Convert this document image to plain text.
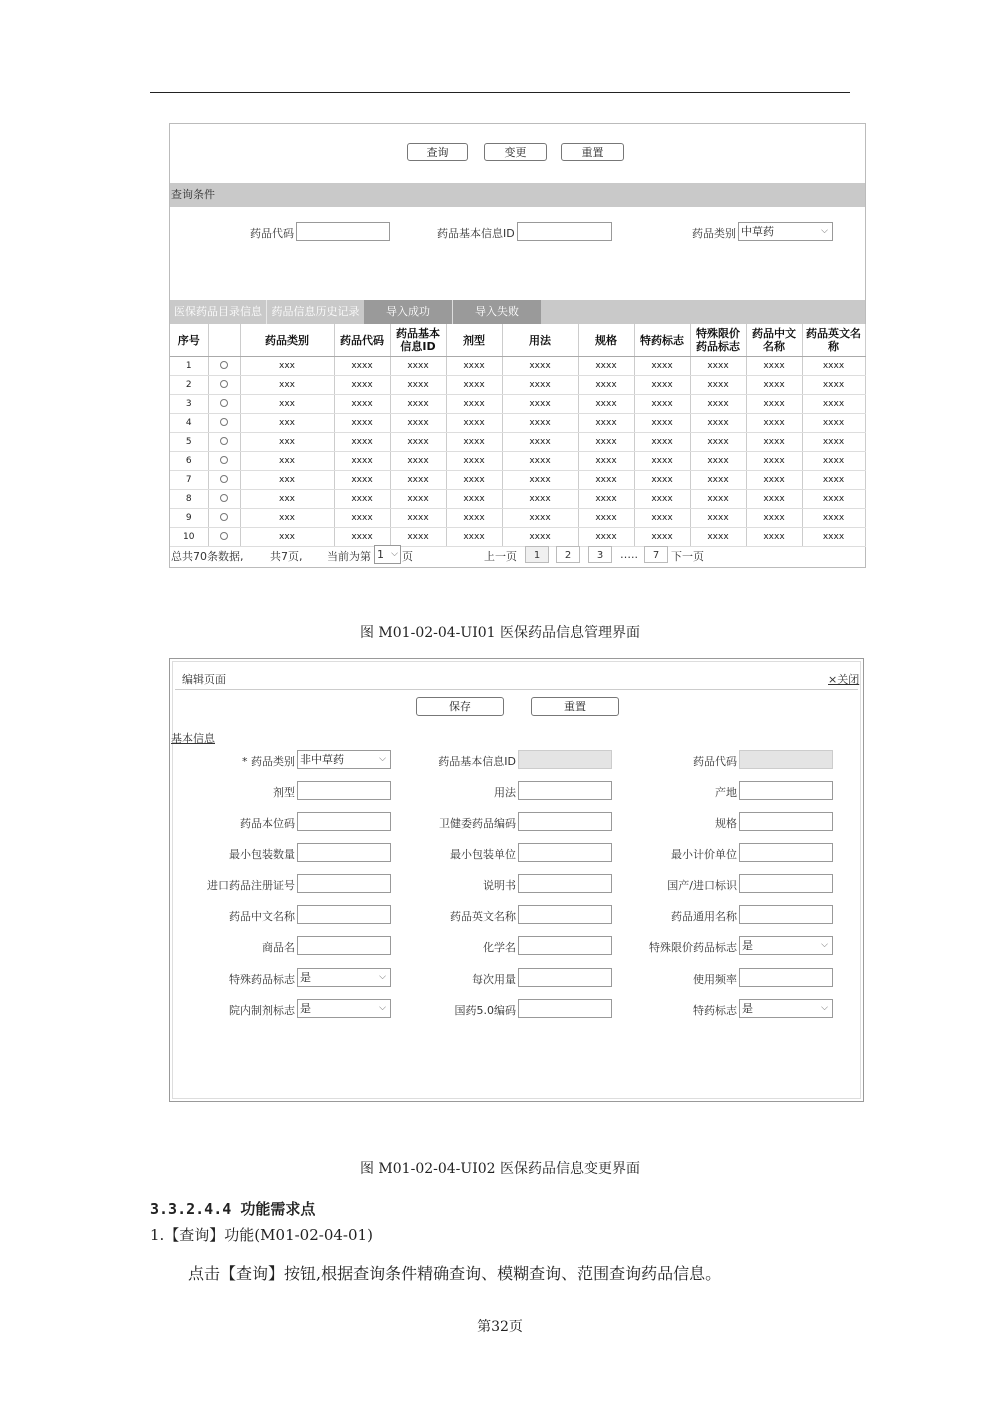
查询	变更	重置
查询条件
药品代码	药品基本信息ID	药品类别 中草药	⌵
医保药品目录信息 药品信息历史记录	导入成功	导入失败
序号		药品类别	药品代码	药品基本信息ID	剂型	用法	规格	特药标志	特殊限价药品标志	药品中文名称	药品英文名称
1		xxx	xxxx	xxxx	xxxx	xxxx	xxxx	xxxx	xxxx	xxxx	xxxx
2		xxx	xxxx	xxxx	xxxx	xxxx	xxxx	xxxx	xxxx	xxxx	xxxx
3		xxx	xxxx	xxxx	xxxx	xxxx	xxxx	xxxx	xxxx	xxxx	xxxx
4		xxx	xxxx	xxxx	xxxx	xxxx	xxxx	xxxx	xxxx	xxxx	xxxx
5		xxx	xxxx	xxxx	xxxx	xxxx	xxxx	xxxx	xxxx	xxxx	xxxx
6		xxx	xxxx	xxxx	xxxx	xxxx	xxxx	xxxx	xxxx	xxxx	xxxx
7		xxx	xxxx	xxxx	xxxx	xxxx	xxxx	xxxx	xxxx	xxxx	xxxx
8		xxx	xxxx	xxxx	xxxx	xxxx	xxxx	xxxx	xxxx	xxxx	xxxx
9		xxx	xxxx	xxxx	xxxx	xxxx	xxxx	xxxx	xxxx	xxxx	xxxx
10		xxx	xxxx	xxxx	xxxx	xxxx	xxxx	xxxx	xxxx	xxxx	xxxx
总共70条数据, 共7页, 当前为第 1 ⌵ 页	上一页	1	2	3	…..	7	下一页
图 M01-02-04-UI01 医保药品信息管理界面
编辑页面	×关闭
保存	重置
基本信息
* 药品类别 非中草药	⌵	药品基本信息ID	药品代码
剂型	用法	产地
药品本位码	卫健委药品编码	规格
最小包装数量	最小包装单位	最小计价单位
进口药品注册证号	说明书	国产/进口标识
药品中文名称	药品英文名称	药品通用名称
商品名	化学名	特殊限价药品标志 是	⌵
特殊药品标志 是	⌵	每次用量	使用频率
院内制剂标志 是	⌵	国药5.0编码	特药标志 是	⌵
图 M01-02-04-UI02 医保药品信息变更界面
3.3.2.4.4 功能需求点
1.【查询】功能(M01-02-04-01)
点击【查询】按钮,根据查询条件精确查询、模糊查询、范围查询药品信息。
第32页
